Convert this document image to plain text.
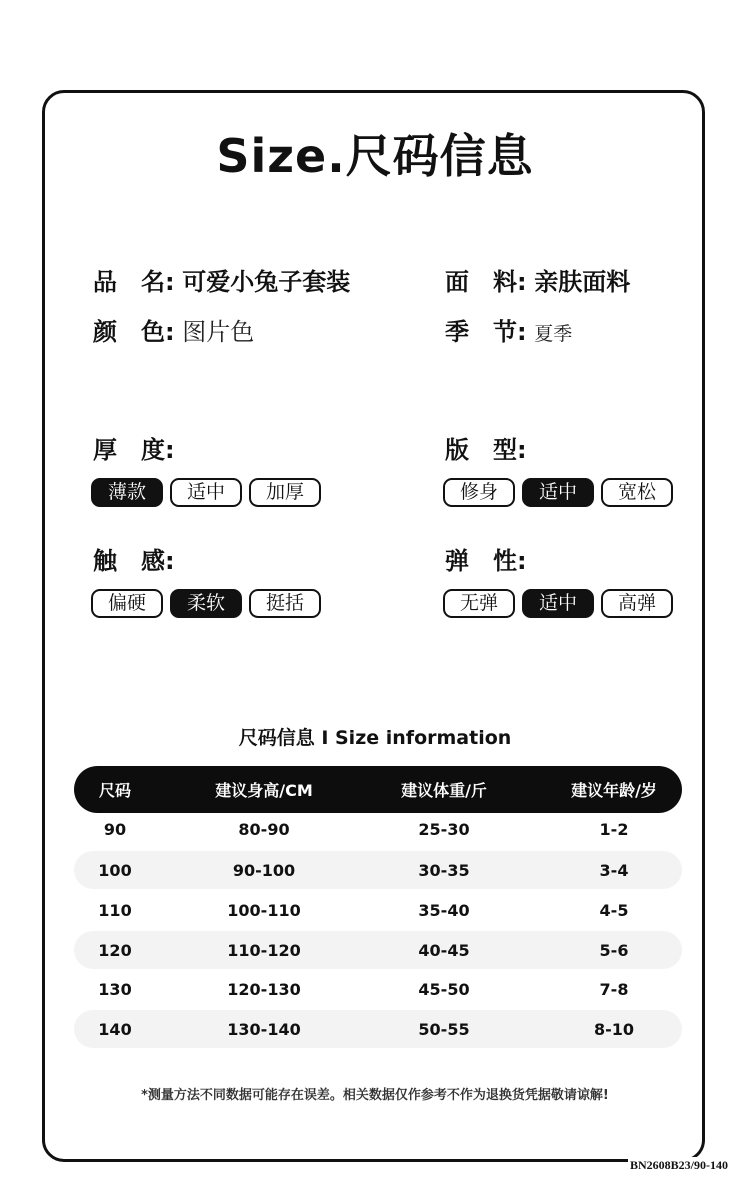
Size.尺码信息
品　名: 可爱小兔子套装	面　料: 亲肤面料
颜　色: 图片色	季　节: 夏季
厚　度:
薄款	适中	加厚
版　型:
修身	适中	宽松
触　感:
偏硬	柔软	挺括
弹　性:
无弹	适中	高弹
尺码信息 I Size information
尺码	建议身高/CM	建议体重/斤	建议年龄/岁
90	80-90	25-30	1-2
100	90-100	30-35	3-4
110	100-110	35-40	4-5
120	110-120	40-45	5-6
130	120-130	45-50	7-8
140	130-140	50-55	8-10
*测量方法不同数据可能存在误差。相关数据仅作参考不作为退换货凭据敬请谅解!
BN2608B23/90-140
